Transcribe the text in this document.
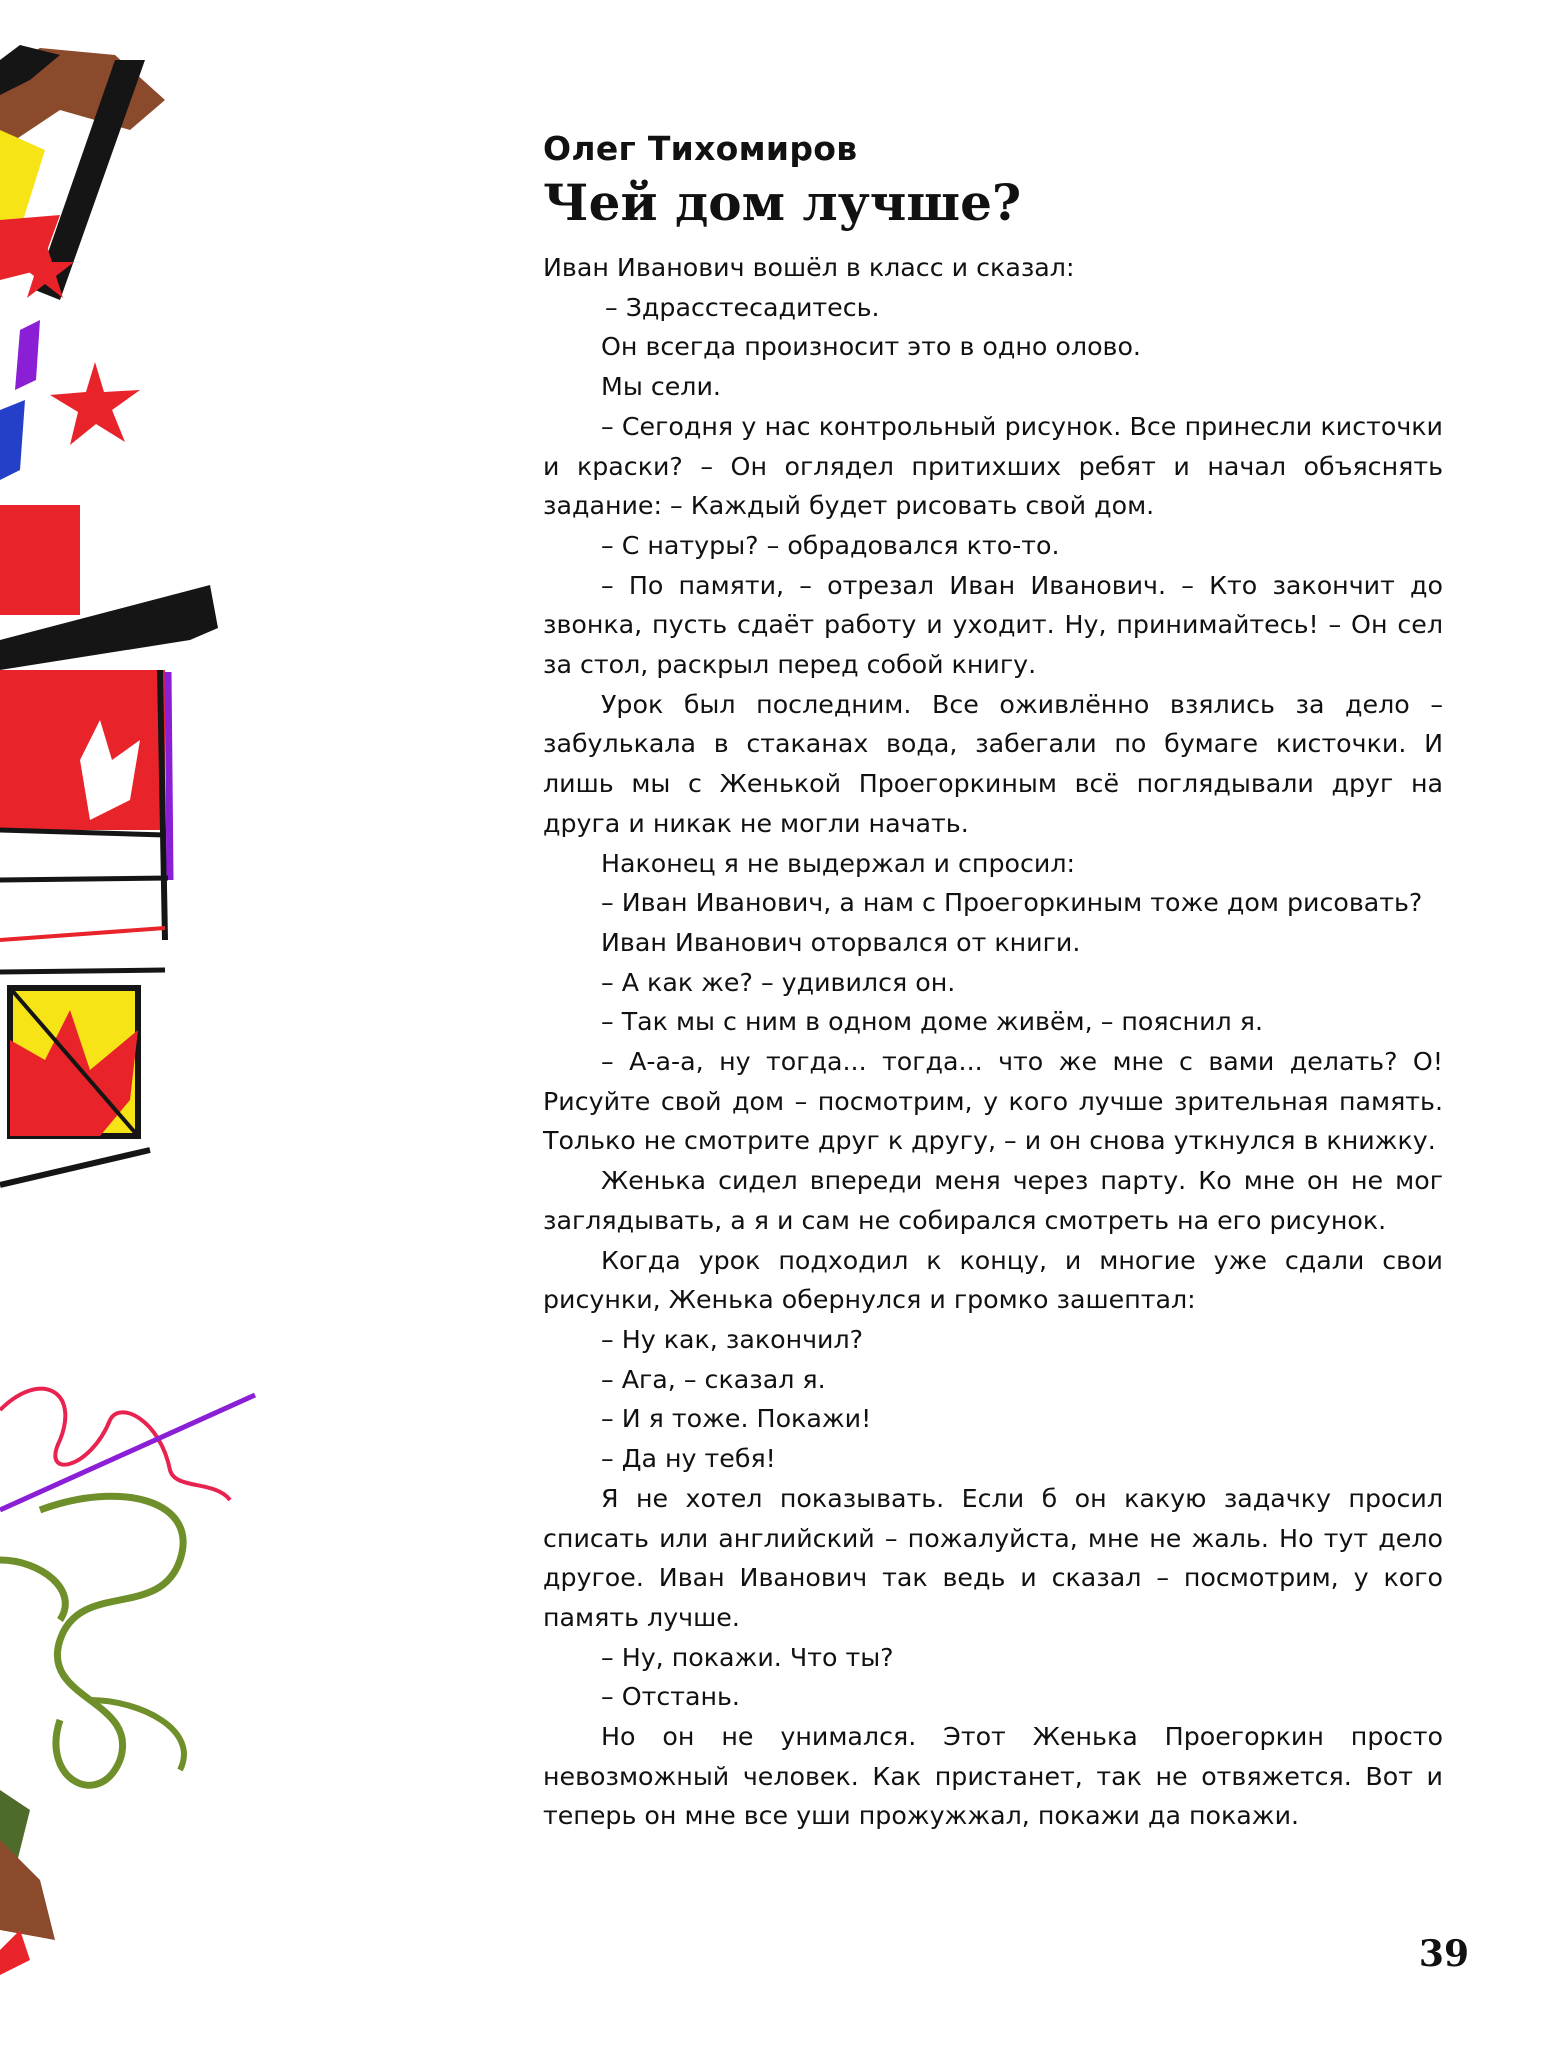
Олег Тихомиров
Чей дом лучше?

Иван Иванович вошёл в класс и сказал:

– Здрасстесадитесь.

Он всегда произносит это в одно олово.

Мы сели.

– Сегодня у нас контрольный рисунок. Все принесли кисточки и краски? – Он оглядел притихших ребят и начал объяснять задание: – Каждый будет рисовать свой дом.

– С натуры? – обрадовался кто-то.

– По памяти, – отрезал Иван Иванович. – Кто закончит до звонка, пусть сдаёт работу и уходит. Ну, принимайтесь! – Он сел за стол, раскрыл перед собой книгу.

Урок был последним. Все оживлённо взялись за дело – забулькала в стаканах вода, забегали по бумаге кисточки. И лишь мы с Женькой Проегоркиным всё поглядывали друг на друга и никак не могли начать.

Наконец я не выдержал и спросил:

– Иван Иванович, а нам с Проегоркиным тоже дом рисовать?

Иван Иванович оторвался от книги.

– А как же? – удивился он.

– Так мы с ним в одном доме живём, – пояснил я.

– А-а-а, ну тогда... тогда... что же мне с вами делать? О! Рисуйте свой дом – посмотрим, у кого лучше зрительная память. Только не смотрите друг к другу, – и он снова уткнулся в книжку.

Женька сидел впереди меня через парту. Ко мне он не мог заглядывать, а я и сам не собирался смотреть на его рисунок.

Когда урок подходил к концу, и многие уже сдали свои рисунки, Женька обернулся и громко зашептал:

– Ну как, закончил?

– Ага, – сказал я.

– И я тоже. Покажи!

– Да ну тебя!

Я не хотел показывать. Если б он какую задачку просил списать или английский – пожалуйста, мне не жаль. Но тут дело другое. Иван Иванович так ведь и сказал – посмотрим, у кого память лучше.

– Ну, покажи. Что ты?

– Отстань.

Но он не унимался. Этот Женька Проегоркин просто невозможный человек. Как пристанет, так не отвяжется. Вот и теперь он мне все уши прожужжал, покажи да покажи.

39
